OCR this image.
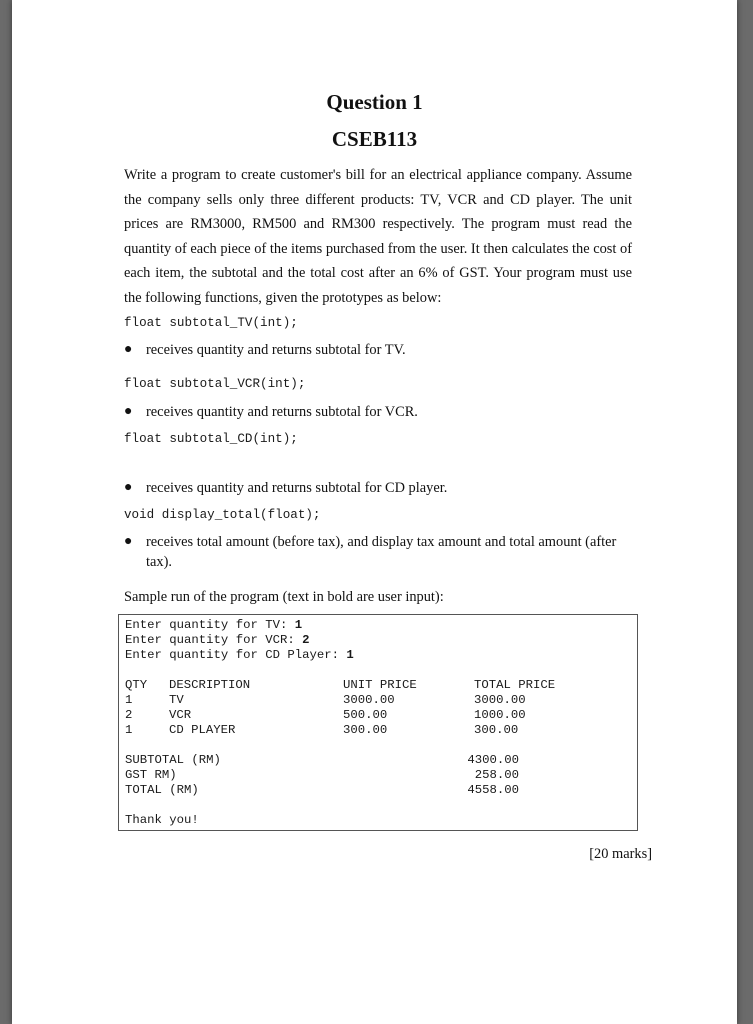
Question 1
CSEB113
Write a program to create customer's bill for an electrical appliance company. Assume the company sells only three different products: TV, VCR and CD player. The unit prices are RM3000, RM500 and RM300 respectively. The program must read the quantity of each piece of the items purchased from the user. It then calculates the cost of each item, the subtotal and the total cost after an 6% of GST. Your program must use the following functions, given the prototypes as below:
float subtotal_TV(int);
● receives quantity and returns subtotal for TV.
float subtotal_VCR(int);
● receives quantity and returns subtotal for VCR.
float subtotal_CD(int);
● receives quantity and returns subtotal for CD player.
void display_total(float);
● receives total amount (before tax), and display tax amount and total amount (after tax).
Sample run of the program (text in bold are user input):
Enter quantity for TV: 1
Enter quantity for VCR: 2
Enter quantity for CD Player: 1
QTY DESCRIPTION	UNIT PRICE	TOTAL PRICE
1	TV	3000.00	3000.00
2	VCR	500.00	1000.00
1	CD PLAYER	300.00	300.00
SUBTOTAL (RM)	4300.00
GST RM)	258.00
TOTAL (RM)	4558.00
Thank you!
[20 marks]
